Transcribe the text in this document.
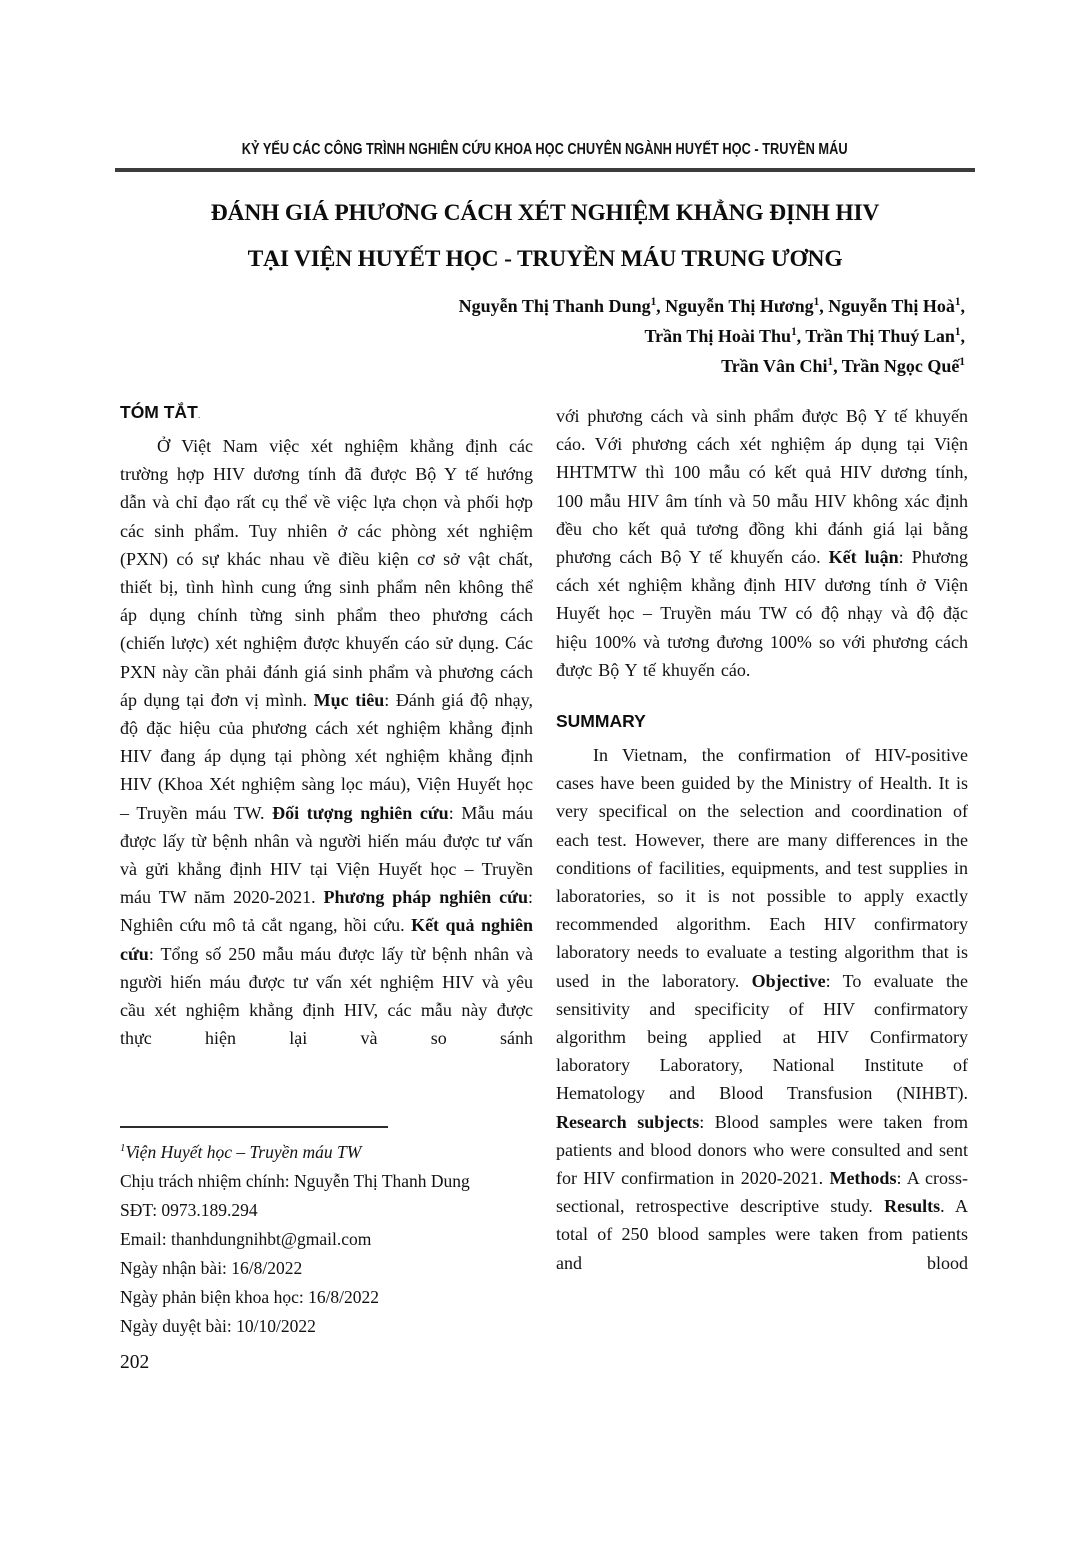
KỶ YẾU CÁC CÔNG TRÌNH NGHIÊN CỨU KHOA HỌC CHUYÊN NGÀNH HUYẾT HỌC - TRUYỀN MÁU
ĐÁNH GIÁ PHƯƠNG CÁCH XÉT NGHIỆM KHẲNG ĐỊNH HIV
TẠI VIỆN HUYẾT HỌC - TRUYỀN MÁU TRUNG ƯƠNG
Nguyễn Thị Thanh Dung$^1$, Nguyễn Thị Hương$^1$, Nguyễn Thị Hoà$^1$,
Trần Thị Hoài Thu$^1$, Trần Thị Thuý Lan$^1$,
Trần Vân Chi$^1$, Trần Ngọc Quế$^1$
TÓM TẮT.

Ở Việt Nam việc xét nghiệm khẳng định các trường hợp HIV dương tính đã được Bộ Y tế hướng dẫn và chỉ đạo rất cụ thể về việc lựa chọn và phối hợp các sinh phẩm. Tuy nhiên ở các phòng xét nghiệm (PXN) có sự khác nhau về điều kiện cơ sở vật chất, thiết bị, tình hình cung ứng sinh phẩm nên không thể áp dụng chính từng sinh phẩm theo phương cách (chiến lược) xét nghiệm được khuyến cáo sử dụng. Các PXN này cần phải đánh giá sinh phẩm và phương cách áp dụng tại đơn vị mình. Mục tiêu: Đánh giá độ nhạy, độ đặc hiệu của phương cách xét nghiệm khẳng định HIV đang áp dụng tại phòng xét nghiệm khẳng định HIV (Khoa Xét nghiệm sàng lọc máu), Viện Huyết học – Truyền máu TW. Đối tượng nghiên cứu: Mẫu máu được lấy từ bệnh nhân và người hiến máu được tư vấn và gửi khẳng định HIV tại Viện Huyết học – Truyền máu TW năm 2020-2021. Phương pháp nghiên cứu: Nghiên cứu mô tả cắt ngang, hồi cứu. Kết quả nghiên cứu: Tổng số 250 mẫu máu được lấy từ bệnh nhân và người hiến máu được tư vấn xét nghiệm HIV và yêu cầu xét nghiệm khẳng định HIV, các mẫu này được thực hiện lại và so sánh

với phương cách và sinh phẩm được Bộ Y tế khuyến cáo. Với phương cách xét nghiệm áp dụng tại Viện HHTMTW thì 100 mẫu có kết quả HIV dương tính, 100 mẫu HIV âm tính và 50 mẫu HIV không xác định đều cho kết quả tương đồng khi đánh giá lại bằng phương cách Bộ Y tế khuyến cáo. Kết luận: Phương cách xét nghiệm khẳng định HIV dương tính ở Viện Huyết học – Truyền máu TW có độ nhạy và độ đặc hiệu 100% và tương đương 100% so với phương cách được Bộ Y tế khuyến cáo.

SUMMARY

In Vietnam, the confirmation of HIV-positive cases have been guided by the Ministry of Health. It is very specifical on the selection and coordination of each test. However, there are many differences in the conditions of facilities, equipments, and test supplies in laboratories, so it is not possible to apply exactly recommended algorithm. Each HIV confirmatory laboratory needs to evaluate a testing algorithm that is used in the laboratory. Objective: To evaluate the sensitivity and specificity of HIV confirmatory algorithm being applied at HIV Confirmatory laboratory Laboratory, National Institute of Hematology and Blood Transfusion (NIHBT). Research subjects: Blood samples were taken from patients and blood donors who were consulted and sent for HIV confirmation in 2020-2021. Methods: A cross-sectional, retrospective descriptive study. Results. A total of 250 blood samples were taken from patients and blood

$^1$Viện Huyết học – Truyền máu TW

Chịu trách nhiệm chính: Nguyễn Thị Thanh Dung

SĐT: 0973.189.294

Email: thanhdungnihbt@gmail.com

Ngày nhận bài: 16/8/2022

Ngày phản biện khoa học: 16/8/2022

Ngày duyệt bài: 10/10/2022

202
